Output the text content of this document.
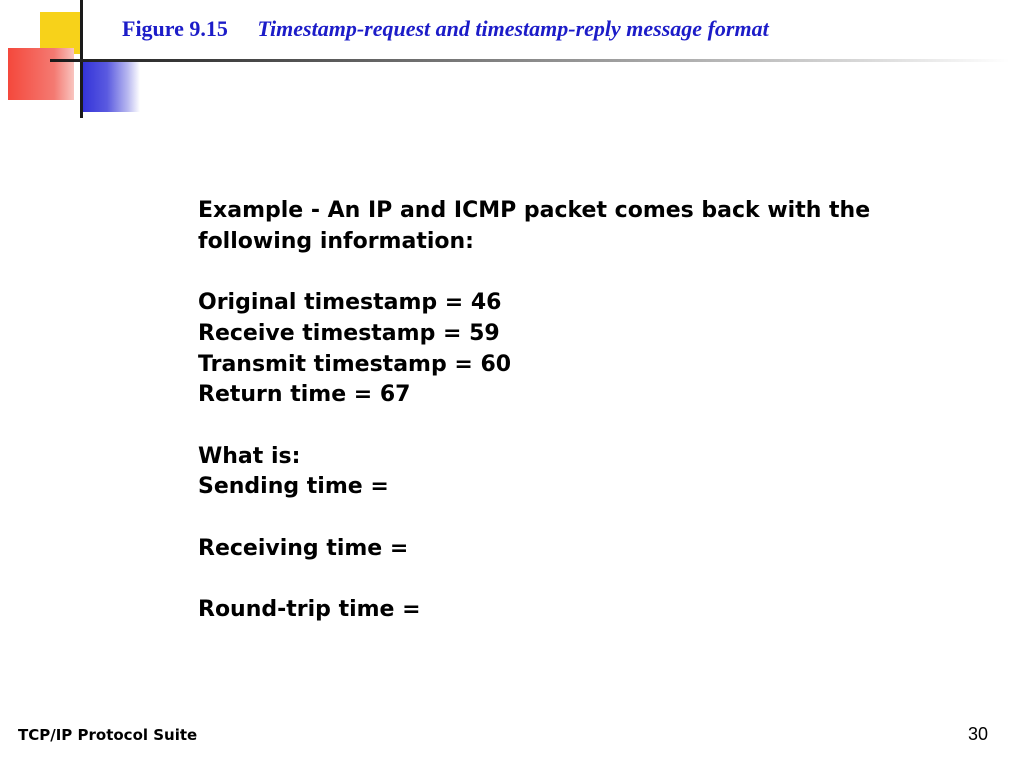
Figure 9.15 Timestamp-request and timestamp-reply message format

Example - An IP and ICMP packet comes back with the

following information:

Original timestamp = 46

Receive timestamp = 59

Transmit timestamp = 60

Return time = 67

What is:

Sending time =

Receiving time =

Round-trip time =

TCP/IP Protocol Suite	30
